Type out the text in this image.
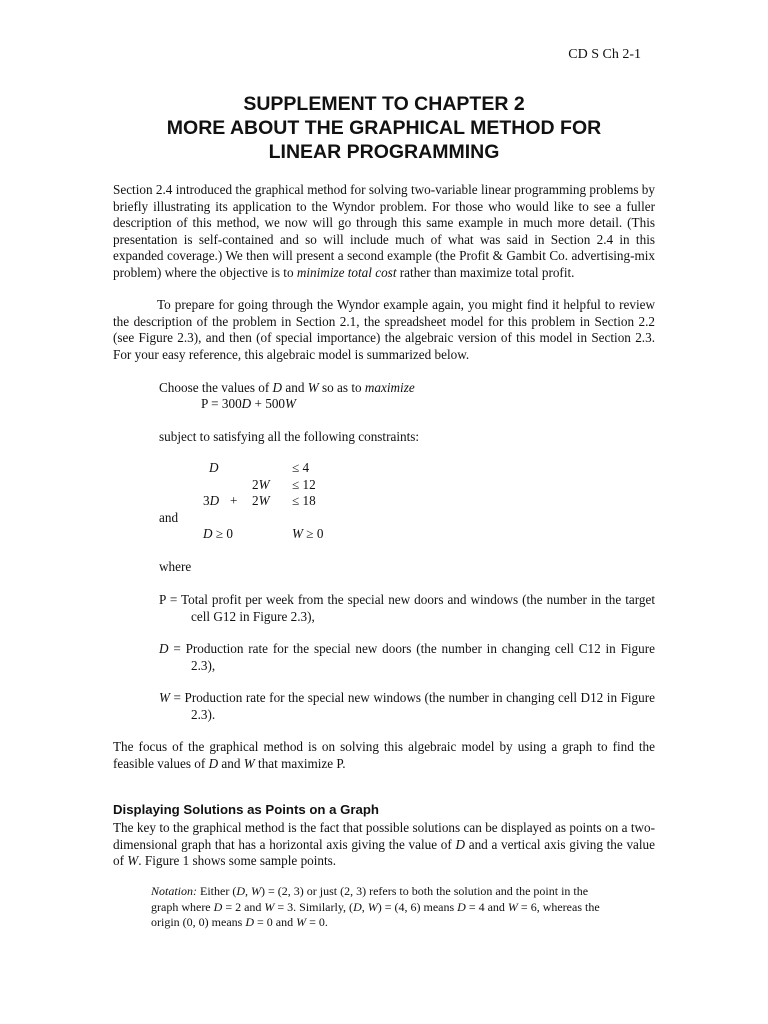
CD S Ch 2-1
SUPPLEMENT TO CHAPTER 2
MORE ABOUT THE GRAPHICAL METHOD FOR
LINEAR PROGRAMMING

Section 2.4 introduced the graphical method for solving two-variable linear programming problems by briefly illustrating its application to the Wyndor problem. For those who would like to see a fuller description of this method, we now will go through this same example in much more detail. (This presentation is self-contained and so will include much of what was said in Section 2.4 in this expanded coverage.) We then will present a second example (the Profit & Gambit Co. advertising-mix problem) where the objective is to minimize total cost rather than maximize total profit.

To prepare for going through the Wyndor example again, you might find it helpful to review the description of the problem in Section 2.1, the spreadsheet model for this problem in Section 2.2 (see Figure 2.3), and then (of special importance) the algebraic version of this model in Section 2.3. For your easy reference, this algebraic model is summarized below.

Choose the values of D and W so as to maximize
P = 300D + 500W
subject to satisfying all the following constraints:
D	≤ 4
2W ≤ 12
3D + 2W ≤ 18
and
D ≥ 0	W ≥ 0
where

P = Total profit per week from the special new doors and windows (the number in the target cell G12 in Figure 2.3),

D = Production rate for the special new doors (the number in changing cell C12 in Figure 2.3),

W = Production rate for the special new windows (the number in changing cell D12 in Figure 2.3).

The focus of the graphical method is on solving this algebraic model by using a graph to find the feasible values of D and W that maximize P.

Displaying Solutions as Points on a Graph

The key to the graphical method is the fact that possible solutions can be displayed as points on a two-dimensional graph that has a horizontal axis giving the value of D and a vertical axis giving the value of W. Figure 1 shows some sample points.

Notation: Either (D, W) = (2, 3) or just (2, 3) refers to both the solution and the point in the graph where D = 2 and W = 3. Similarly, (D, W) = (4, 6) means D = 4 and W = 6, whereas the origin (0, 0) means D = 0 and W = 0.
